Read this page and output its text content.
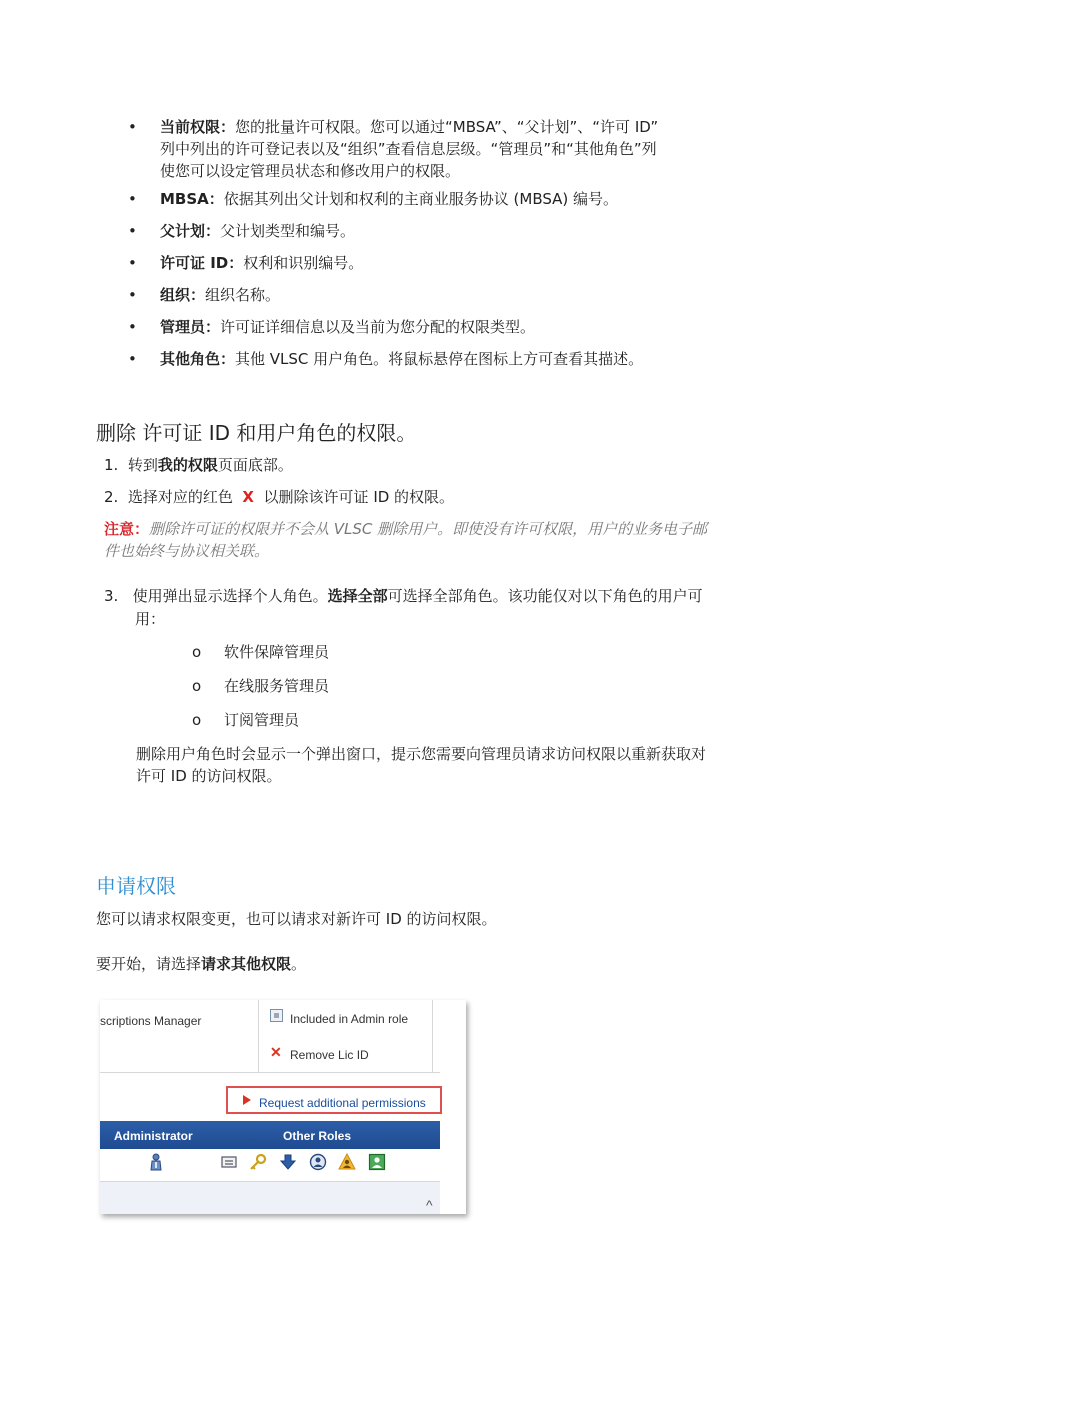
• 当前权限：您的批量许可权限。您可以通过“MBSA”、“父计划”、“许可 ID”
列中列出的许可登记表以及“组织”查看信息层级。“管理员”和“其他角色”列
使您可以设定管理员状态和修改用户的权限。
• MBSA：依据其列出父计划和权利的主商业服务协议 (MBSA) 编号。
• 父计划：父计划类型和编号。
• 许可证 ID：权利和识别编号。
• 组织：组织名称。
• 管理员：许可证详细信息以及当前为您分配的权限类型。
• 其他角色：其他 VLSC 用户角色。将鼠标悬停在图标上方可查看其描述。
删除 许可证 ID 和用户角色的权限。
1. 转到我的权限页面底部。
2. 选择对应的红色 X 以删除该许可证 ID 的权限。
注意：删除许可证的权限并不会从 VLSC 删除用户。即使没有许可权限，用户的业务电子邮
件也始终与协议相关联。
3. 使用弹出显示选择个人角色。选择全部可选择全部角色。该功能仅对以下角色的用户可
用：
o 软件保障管理员
o 在线服务管理员
o 订阅管理员
删除用户角色时会显示一个弹出窗口，提示您需要向管理员请求访问权限以重新获取对
许可 ID 的访问权限。
申请权限
您可以请求权限变更，也可以请求对新许可 ID 的访问权限。
要开始，请选择请求其他权限。
scriptions Manager	Included in Admin role
✕ Remove Lic ID
Request additional permissions
Administrator	Other Roles
^
